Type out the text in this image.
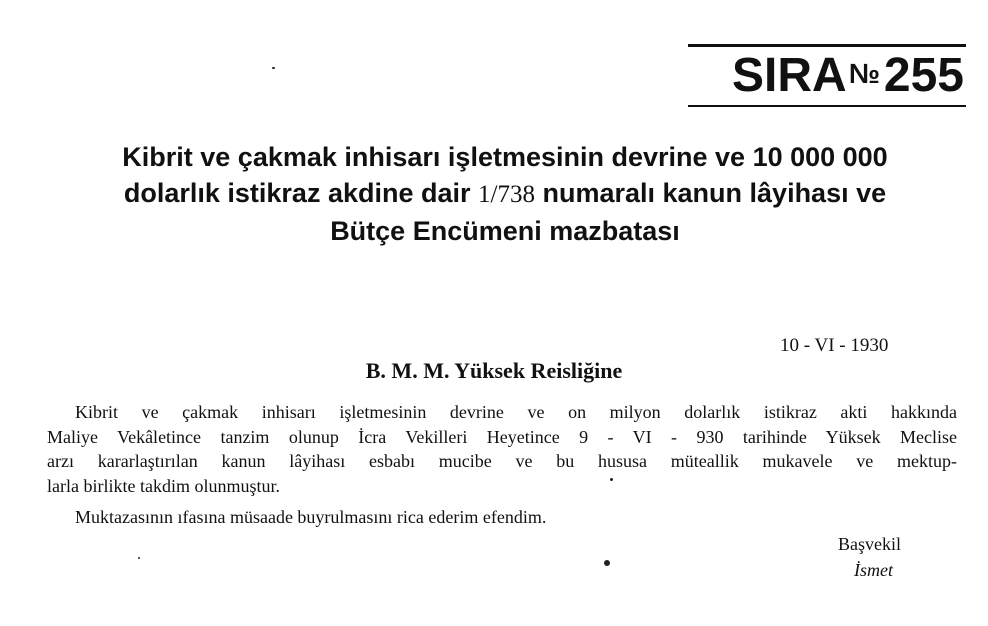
SIRA№255
Kibrit ve çakmak inhisarı işletmesinin devrine ve 10 000 000
dolarlık istikraz akdine dair 1/738 numaralı kanun lâyihası ve
Bütçe Encümeni mazbatası
10 - VI - 1930
B. M. M. Yüksek Reisliğine
Kibrit ve çakmak inhisarı işletmesinin devrine ve on milyon dolarlık istikraz akti hakkında
Maliye Vekâletince tanzim olunup İcra Vekilleri Heyetince 9 - VI - 930 tarihinde Yüksek Meclise
arzı kararlaştırılan kanun lâyihası esbabı mucibe ve bu hususa müteallik mukavele ve mektup-
larla birlikte takdim olunmuştur.
Muktazasının ıfasına müsaade buyrulmasını rica ederim efendim.
Başvekil
İsmet
